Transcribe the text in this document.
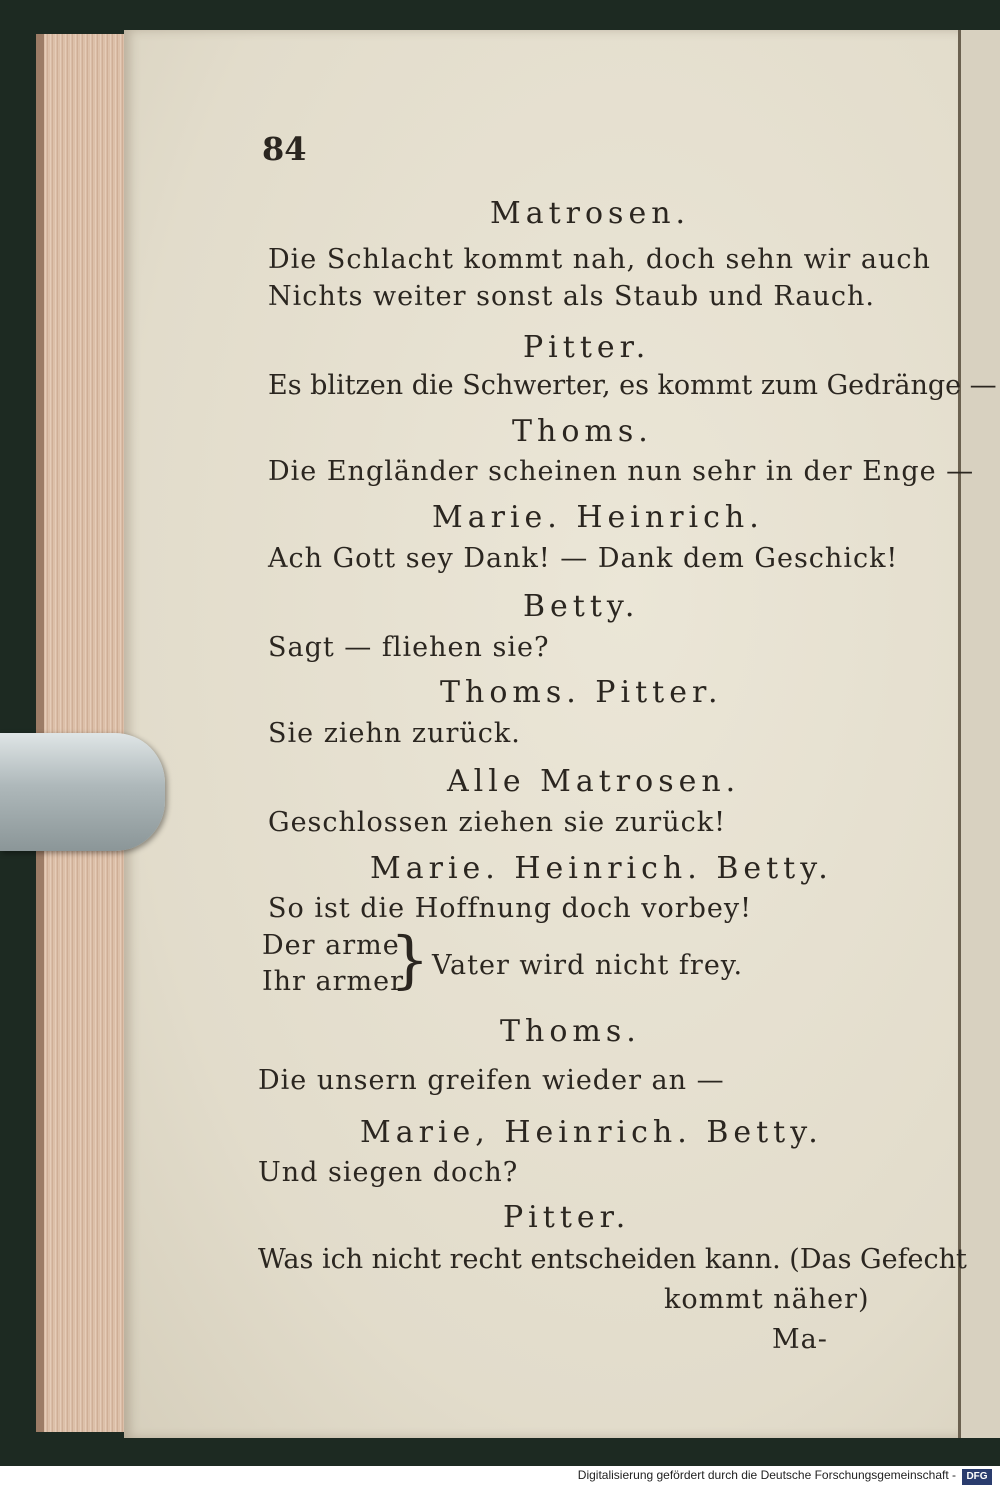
84
Matrosen.
Die Schlacht kommt nah, doch sehn wir auch
Nichts weiter sonst als Staub und Rauch.
Pitter.
Es blitzen die Schwerter, es kommt zum Gedränge —
Thoms.
Die Engländer scheinen nun sehr in der Enge —
Marie. Heinrich.
Ach Gott sey Dank! — Dank dem Geschick!
Betty.
Sagt — fliehen sie?
Thoms. Pitter.
Sie ziehn zurück.
Alle Matrosen.
Geschlossen ziehen sie zurück!
Marie. Heinrich. Betty.
So ist die Hoffnung doch vorbey!
Der arme
Ihr armer
} Vater wird nicht frey.
Thoms.
Die unsern greifen wieder an —
Marie, Heinrich. Betty.
Und siegen doch?
Pitter.
Was ich nicht recht entscheiden kann. (Das Gefecht
kommt näher)
Ma-
Digitalisierung gefördert durch die Deutsche Forschungsgemeinschaft -	DFG
